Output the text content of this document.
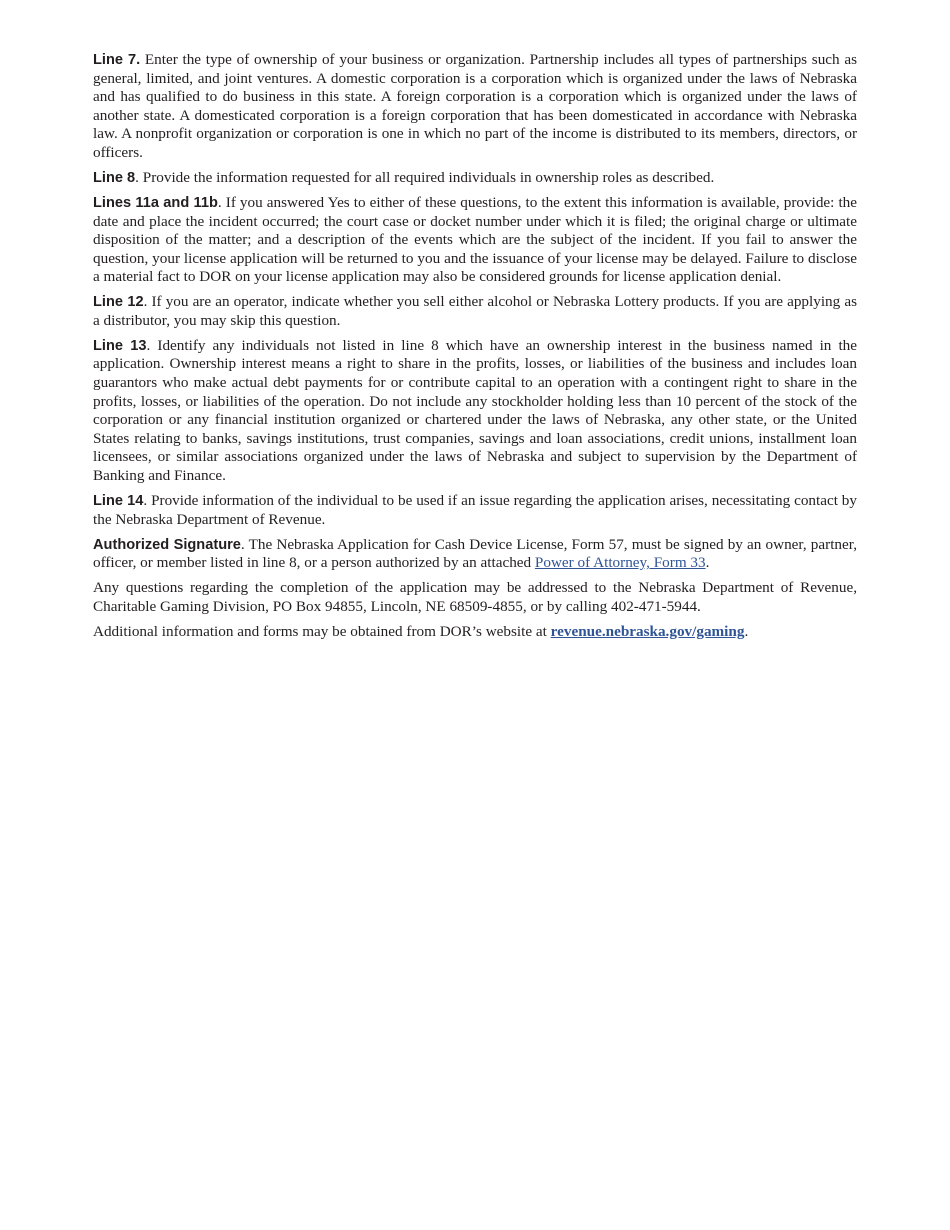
Line 7. Enter the type of ownership of your business or organization. Partnership includes all types of partnerships such as general, limited, and joint ventures. A domestic corporation is a corporation which is organized under the laws of Nebraska and has qualified to do business in this state. A foreign corporation is a corporation which is organized under the laws of another state. A domesticated corporation is a foreign corporation that has been domesticated in accordance with Nebraska law. A nonprofit organization or corporation is one in which no part of the income is distributed to its members, directors, or officers.

Line 8. Provide the information requested for all required individuals in ownership roles as described.

Lines 11a and 11b. If you answered Yes to either of these questions, to the extent this information is available, provide: the date and place the incident occurred; the court case or docket number under which it is filed; the original charge or ultimate disposition of the matter; and a description of the events which are the subject of the incident. If you fail to answer the question, your license application will be returned to you and the issuance of your license may be delayed. Failure to disclose a material fact to DOR on your license application may also be considered grounds for license application denial.

Line 12. If you are an operator, indicate whether you sell either alcohol or Nebraska Lottery products. If you are applying as a distributor, you may skip this question.

Line 13. Identify any individuals not listed in line 8 which have an ownership interest in the business named in the application. Ownership interest means a right to share in the profits, losses, or liabilities of the business and includes loan guarantors who make actual debt payments for or contribute capital to an operation with a contingent right to share in the profits, losses, or liabilities of the operation. Do not include any stockholder holding less than 10 percent of the stock of the corporation or any financial institution organized or chartered under the laws of Nebraska, any other state, or the United States relating to banks, savings institutions, trust companies, savings and loan associations, credit unions, installment loan licensees, or similar associations organized under the laws of Nebraska and subject to supervision by the Department of Banking and Finance.

Line 14. Provide information of the individual to be used if an issue regarding the application arises, necessitating contact by the Nebraska Department of Revenue.

Authorized Signature. The Nebraska Application for Cash Device License, Form 57, must be signed by an owner, partner, officer, or member listed in line 8, or a person authorized by an attached Power of Attorney, Form 33.

Any questions regarding the completion of the application may be addressed to the Nebraska Department of Revenue, Charitable Gaming Division, PO Box 94855, Lincoln, NE 68509-4855, or by calling 402-471-5944.

Additional information and forms may be obtained from DOR’s website at revenue.nebraska.gov/gaming.
